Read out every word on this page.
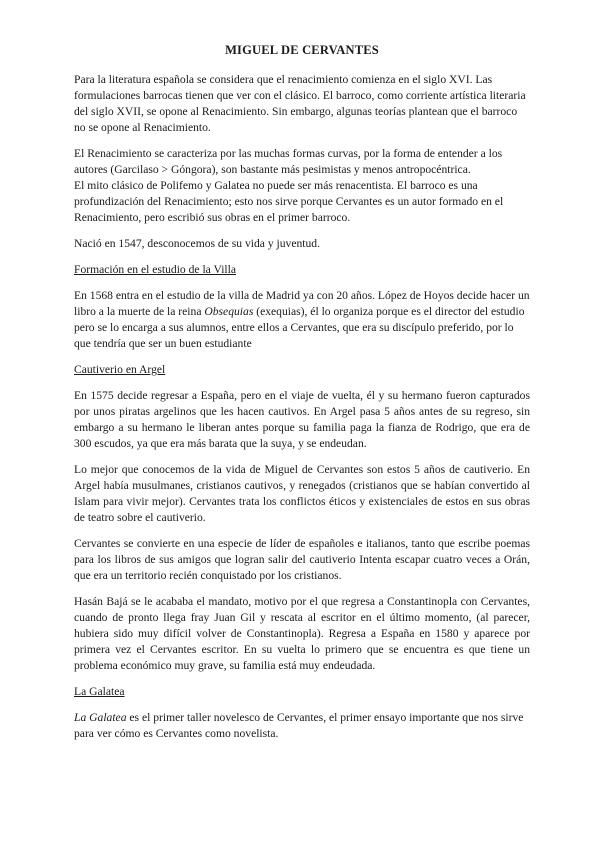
MIGUEL DE CERVANTES

Para la literatura española se considera que el renacimiento comienza en el siglo XVI. Las formulaciones barrocas tienen que ver con el clásico. El barroco, como corriente artística literaria del siglo XVII, se opone al Renacimiento. Sin embargo, algunas teorías plantean que el barroco no se opone al Renacimiento.

El Renacimiento se caracteriza por las muchas formas curvas, por la forma de entender a los autores (Garcilaso > Góngora), son bastante más pesimistas y menos antropocéntrica.
El mito clásico de Polifemo y Galatea no puede ser más renacentista. El barroco es una profundización del Renacimiento; esto nos sirve porque Cervantes es un autor formado en el Renacimiento, pero escribió sus obras en el primer barroco.

Nació en 1547, desconocemos de su vida y juventud.

Formación en el estudio de la Villa

En 1568 entra en el estudio de la villa de Madrid ya con 20 años. López de Hoyos decide hacer un libro a la muerte de la reina Obsequias (exequias), él lo organiza porque es el director del estudio pero se lo encarga a sus alumnos, entre ellos a Cervantes, que era su discípulo preferido, por lo que tendría que ser un buen estudiante

Cautiverio en Argel

En 1575 decide regresar a España, pero en el viaje de vuelta, él y su hermano fueron capturados por unos piratas argelinos que les hacen cautivos. En Argel pasa 5 años antes de su regreso, sin embargo a su hermano le liberan antes porque su familia paga la fianza de Rodrigo, que era de 300 escudos, ya que era más barata que la suya, y se endeudan.

Lo mejor que conocemos de la vida de Miguel de Cervantes son estos 5 años de cautiverio. En Argel había musulmanes, cristianos cautivos, y renegados (cristianos que se habían convertido al Islam para vivir mejor). Cervantes trata los conflictos éticos y existenciales de estos en sus obras de teatro sobre el cautiverio.

Cervantes se convierte en una especie de líder de españoles e italianos, tanto que escribe poemas para los libros de sus amigos que logran salir del cautiverio Intenta escapar cuatro veces a Orán, que era un territorio recién conquistado por los cristianos.

Hasán Bajá se le acababa el mandato, motivo por el que regresa a Constantinopla con Cervantes, cuando de pronto llega fray Juan Gil y rescata al escritor en el último momento, (al parecer, hubiera sido muy difícil volver de Constantinopla). Regresa a España en 1580 y aparece por primera vez el Cervantes escritor. En su vuelta lo primero que se encuentra es que tiene un problema económico muy grave, su familia está muy endeudada.

La Galatea

La Galatea es el primer taller novelesco de Cervantes, el primer ensayo importante que nos sirve para ver cómo es Cervantes como novelista.
